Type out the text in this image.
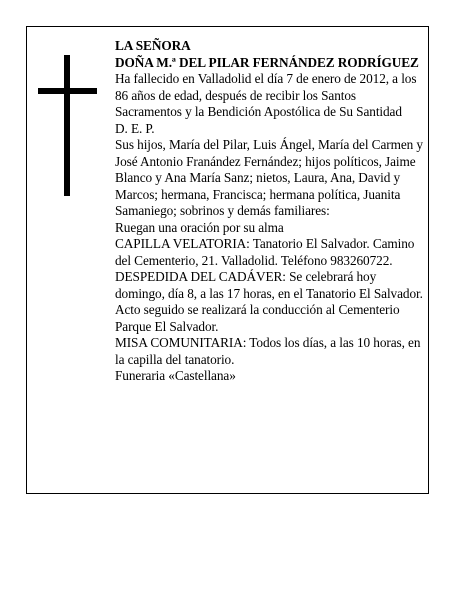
LA SEÑORA

DOÑA M.ª DEL PILAR FERNÁNDEZ RODRÍGUEZ

Ha fallecido en Valladolid el día 7 de enero de 2012, a los 86 años de edad, después de recibir los Santos Sacramentos y la Bendición Apostólica de Su Santidad

D. E. P.

Sus hijos, María del Pilar, Luis Ángel, María del Carmen y José Antonio Franández Fernández; hijos políticos, Jaime Blanco y Ana María Sanz; nietos, Laura, Ana, David y Marcos; hermana, Francisca; hermana política, Juanita Samaniego; sobrinos y demás familiares:

Ruegan una oración por su alma

CAPILLA VELATORIA: Tanatorio El Salvador. Camino del Cementerio, 21. Valladolid. Teléfono 983260722.

DESPEDIDA DEL CADÁVER: Se celebrará hoy domingo, día 8, a las 17 horas, en el Tanatorio El Salvador. Acto seguido se realizará la conducción al Cementerio Parque El Salvador.

MISA COMUNITARIA: Todos los días, a las 10 horas, en la capilla del tanatorio.

Funeraria «Castellana»
